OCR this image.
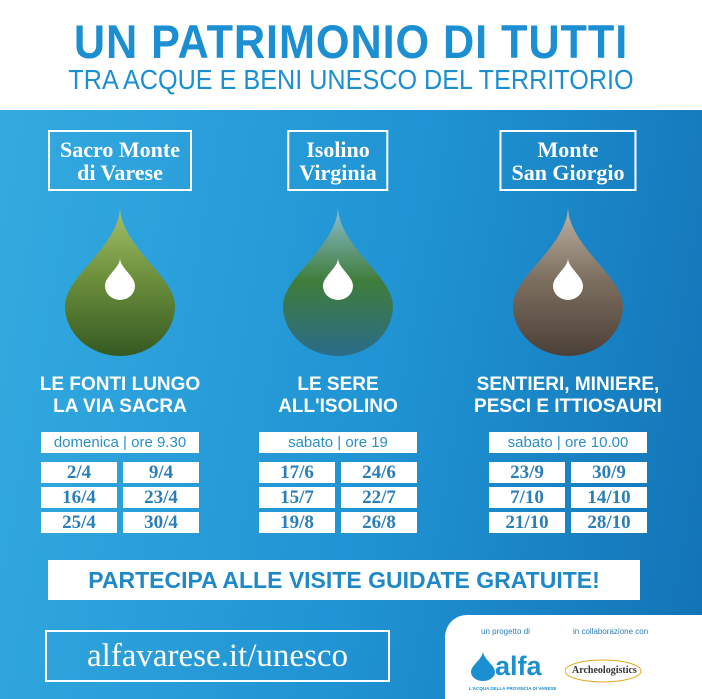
UN PATRIMONIO DI TUTTI
TRA ACQUE E BENI UNESCO DEL TERRITORIO
Sacro Monte
di Varese
LE FONTI LUNGO
LA VIA SACRA
domenica | ore 9.30
2/4	9/4
16/4	23/4
25/4	30/4
Isolino
Virginia
LE SERE
ALL'ISOLINO
sabato | ore 19
17/6	24/6
15/7	22/7
19/8	26/8
Monte
San Giorgio
SENTIERI, MINIERE,
PESCI E ITTIOSAURI
sabato | ore 10.00
23/9	30/9
7/10	14/10
21/10	28/10
PARTECIPA ALLE VISITE GUIDATE GRATUITE!
alfavarese.it/unesco
un progetto di	in collaborazione con
alfa
L'ACQUA DELLA PROVINCIA DI VARESE
Archeologistics
